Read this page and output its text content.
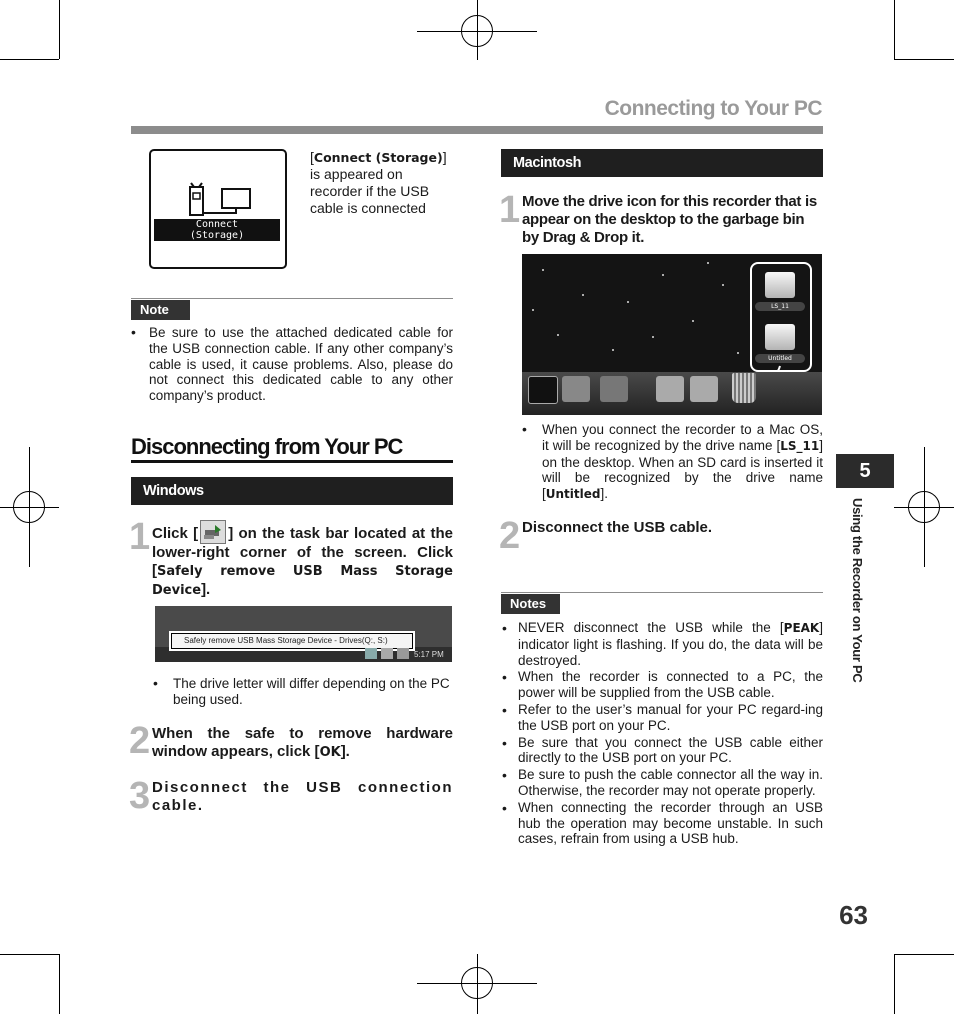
Connecting to Your PC
Connect
(Storage)
[Connect (Storage)] is appeared on recorder if the USB cable is connected
Note
• Be sure to use the attached dedicated cable for the USB connection cable. If any other company’s cable is used, it cause problems. Also, please do not connect this dedicated cable to any other company’s product.
Disconnecting from Your PC
Windows
1 Click [ ] on the task bar located at the lower-right corner of the screen. Click [Safely remove USB Mass Storage Device].
Safely remove USB Mass Storage Device - Drives(Q:, S:)
5:17 PM
• The drive letter will differ depending on the PC being used.
2 When the safe to remove hardware window appears, click [OK].
3 Disconnect the USB connection cable.
Macintosh
1 Move the drive icon for this recorder that is appear on the desktop to the garbage bin by Drag & Drop it.
LS_11
Untitled
• When you connect the recorder to a Mac OS, it will be recognized by the drive name [LS_11] on the desktop. When an SD card is inserted it will be recognized by the drive name [Untitled].
2 Disconnect the USB cable.
Notes
• NEVER disconnect the USB while the [PEAK] indicator light is flashing. If you do, the data will be destroyed.
• When the recorder is connected to a PC, the power will be supplied from the USB cable.
• Refer to the user’s manual for your PC regard-ing the USB port on your PC.
• Be sure that you connect the USB cable either directly to the USB port on your PC.
• Be sure to push the cable connector all the way in. Otherwise, the recorder may not operate properly.
• When connecting the recorder through an USB hub the operation may become unstable. In such cases, refrain from using a USB hub.
5
Using the Recorder on Your PC
63
